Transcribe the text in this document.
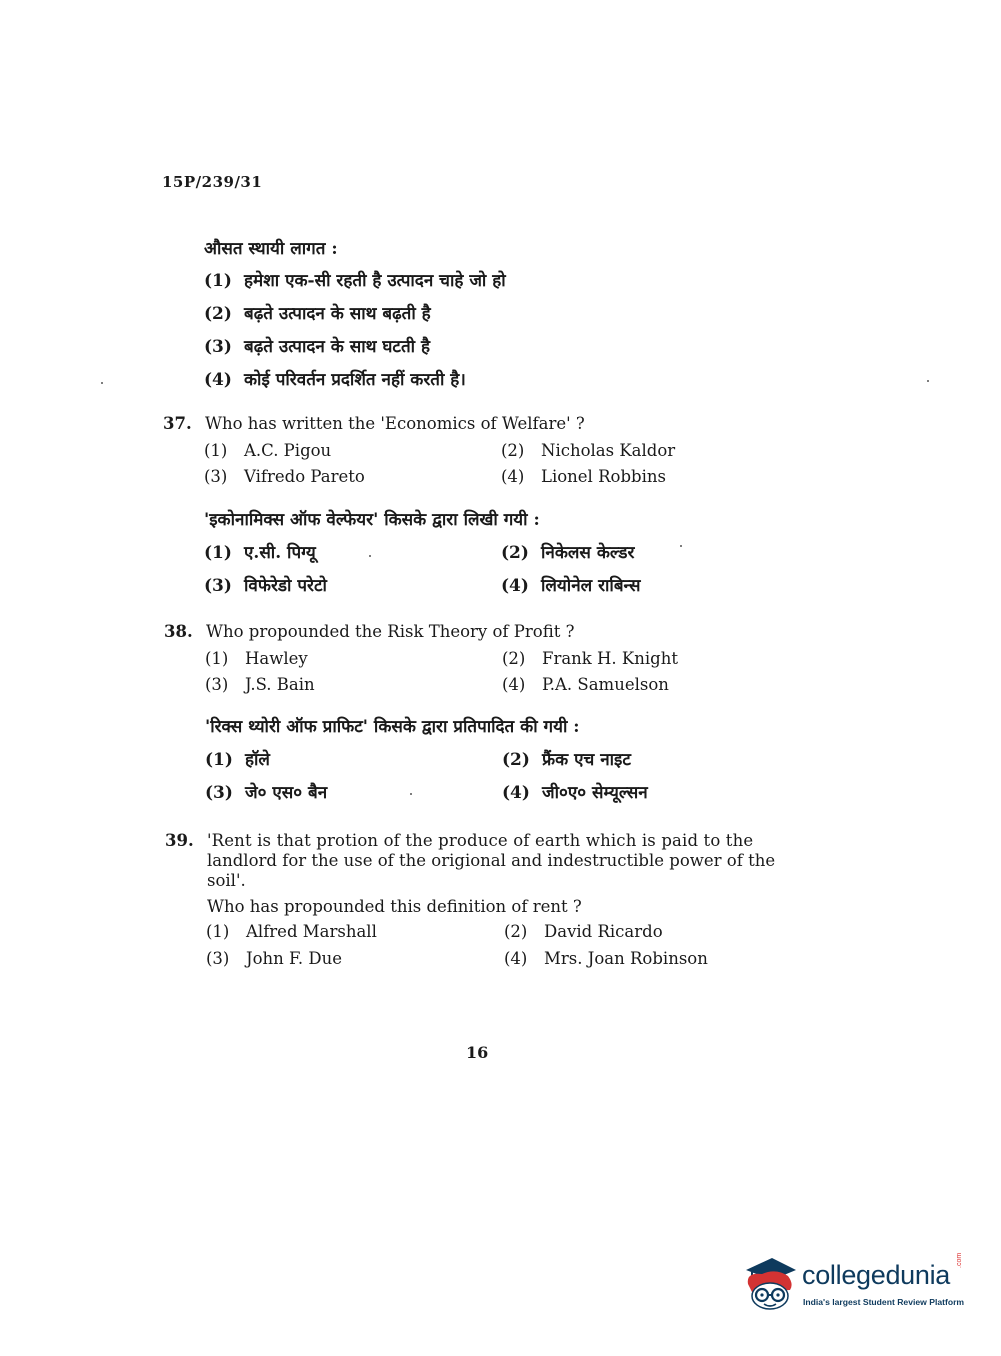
15P/239/31
औसत स्थायी लागत :
(1) हमेशा एक-सी रहती है उत्पादन चाहे जो हो
(2) बढ़ते उत्पादन के साथ बढ़ती है
(3) बढ़ते उत्पादन के साथ घटती है
(4) कोई परिवर्तन प्रदर्शित नहीं करती है।
37. Who has written the 'Economics of Welfare' ?
(1) A.C. Pigou	(2) Nicholas Kaldor
(3) Vifredo Pareto	(4) Lionel Robbins
'इकोनामिक्स ऑफ वेल्फेयर' किसके द्वारा लिखी गयी :
(1) ए.सी. पिग्यू	(2) निकेलस केल्डर
(3) विफेरेडो परेटो	(4) लियोनेल राबिन्स
38. Who propounded the Risk Theory of Profit ?
(1) Hawley	(2) Frank H. Knight
(3) J.S. Bain	(4) P.A. Samuelson
'रिक्स थ्योरी ऑफ प्राफिट' किसके द्वारा प्रतिपादित की गयी :
(1) हॉले	(2) फ्रैंक एच नाइट
(3) जे० एस० बैन	(4) जी०ए० सेम्यूल्सन
39. 'Rent is that protion of the produce of earth which is paid to the
landlord for the use of the origional and indestructible power of the
soil'.
Who has propounded this definition of rent ?
(1) Alfred Marshall	(2) David Ricardo
(3) John F. Due	(4) Mrs. Joan Robinson
16
collegedunia .com
India's largest Student Review Platform
